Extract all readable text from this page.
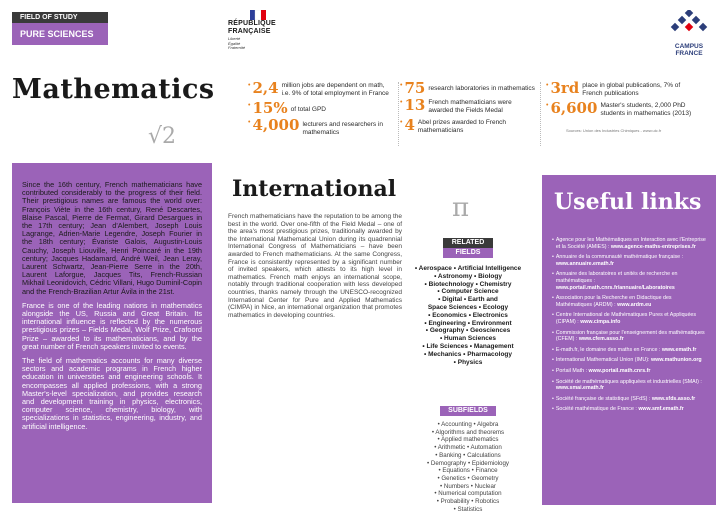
FIELD OF STUDY
PURE SCIENCES
RÉPUBLIQUE
FRANÇAISE
Liberté
Égalité
Fraternité	CAMPUS
FRANCE
Mathematics
√2
• 2,4 million jobs are dependent on math, i.e. 9% of total employment in France
• 15% of total GPD
• 4,000 lecturers and researchers in mathematics
• 75 research laboratories in mathematics
• 13 French mathematicians were awarded the Fields Medal
• 4 Abel prizes awarded to French mathematicians
• 3rd place in global publications, 7% of French publications
• 6,600 Master's students, 2,000 PhD students in mathematics (2013)
Sources: Union des Industries Chimiques - www.uic.fr

Since the 16th century, French mathematicians have contributed considerably to the progress of their field. Their prestigious names are famous the world over: François Viète in the 16th century, René Descartes, Blaise Pascal, Pierre de Fermat, Girard Desargues in the 17th century; Jean d'Alembert, Joseph Louis Lagrange, Adrien-Marie Legendre, Joseph Fourier in the 18th century; Évariste Galois, Augustin-Louis Cauchy, Joseph Liouville, Henri Poincaré in the 19th century; Jacques Hadamard, André Weil, Jean Leray, Laurent Schwartz, Jean-Pierre Serre in the 20th, Laurent Laforgue, Jacques Tits, French-Russian Mikhail Leonidovich, Cédric Villani, Hugo Duminil-Copin and the French-Brazilian Artur Ávila in the 21st.

France is one of the leading nations in mathematics alongside the US, Russia and Great Britain. Its international influence is reflected by the numerous prestigious prizes – Fields Medal, Wolf Prize, Crafoord Prize – awarded to its mathematicians, and by the great number of French speakers invited to events.

The field of mathematics accounts for many diverse sectors and academic programs in French higher education in universities and engineering schools. It encompasses all applied professions, with a strong Master's-level specialization, and provides research and development training in physics, electronics, computer science, chemistry, biology, with specializations in statistics, engineering, industry, and artificial intelligence.

International
French mathematicians have the reputation to be among the best in the world. Over one-fifth of the Field Medal – one of the area's most prestigious prizes, traditionally awarded by the International Mathematical Union during its quadrennial International Congress of Mathematicians – have been awarded to French mathematicians. At the same Congress, France is consistently represented by a significant number of invited speakers, which attests to its high level in mathematics. French math enjoys an international scope, notably through traditional cooperation with less developed countries, thanks namely through the UNESCO-recognized International Center for Pure and Applied Mathematics (CIMPA) in Nice, an international organization that promotes mathematics in developing countries.
π
RELATED
FIELDS
• Aerospace • Artificial Intelligence
• Astronomy • Biology
• Biotechnology • Chemistry
• Computer Science
• Digital • Earth and
Space Sciences • Ecology
• Economics • Electronics
• Engineering • Environment
• Geography • Geosciences
• Human Sciences
• Life Sciences • Management
• Mechanics • Pharmacology
• Physics
SUBFIELDS
• Accounting • Algebra
• Algorithms and theorems
• Applied mathematics
• Arithmetic • Automation
• Banking • Calculations
• Demography • Epidemiology
• Equations • Finance
• Genetics • Geometry
• Numbers • Nuclear
• Numerical computation
• Probability • Robotics
• Statistics
Useful links
• Agence pour les Mathématiques en Interaction avec l'Entreprise et la Société (AMIES) : www.agence-maths-entreprises.fr
• Annuaire de la communauté mathématique française : www.annuaire.emath.fr
• Annuaire des laboratoires et unités de recherche en mathématiques : www.portail.math.cnrs.fr/annuaire/Laboratoires
• Association pour la Recherche en Didactique des Mathématiques (ARDM) : www.ardm.eu
• Centre International de Mathématiques Pures et Appliquées (CIPAM) : www.cimpa.info
• Commission française pour l'enseignement des mathématiques (CFEM) : www.cfem.asso.fr
• E-math.fr, le domaine des maths en France : www.emath.fr
• International Mathematical Union (IMU): www.mathunion.org
• Portail Math : www.portail.math.cnrs.fr
• Société de mathématiques appliquées et industrielles (SMAI) : www.smai.emath.fr
• Société française de statistique (SFdS) : www.sfds.asso.fr
• Société mathématique de France : www.smf.emath.fr
